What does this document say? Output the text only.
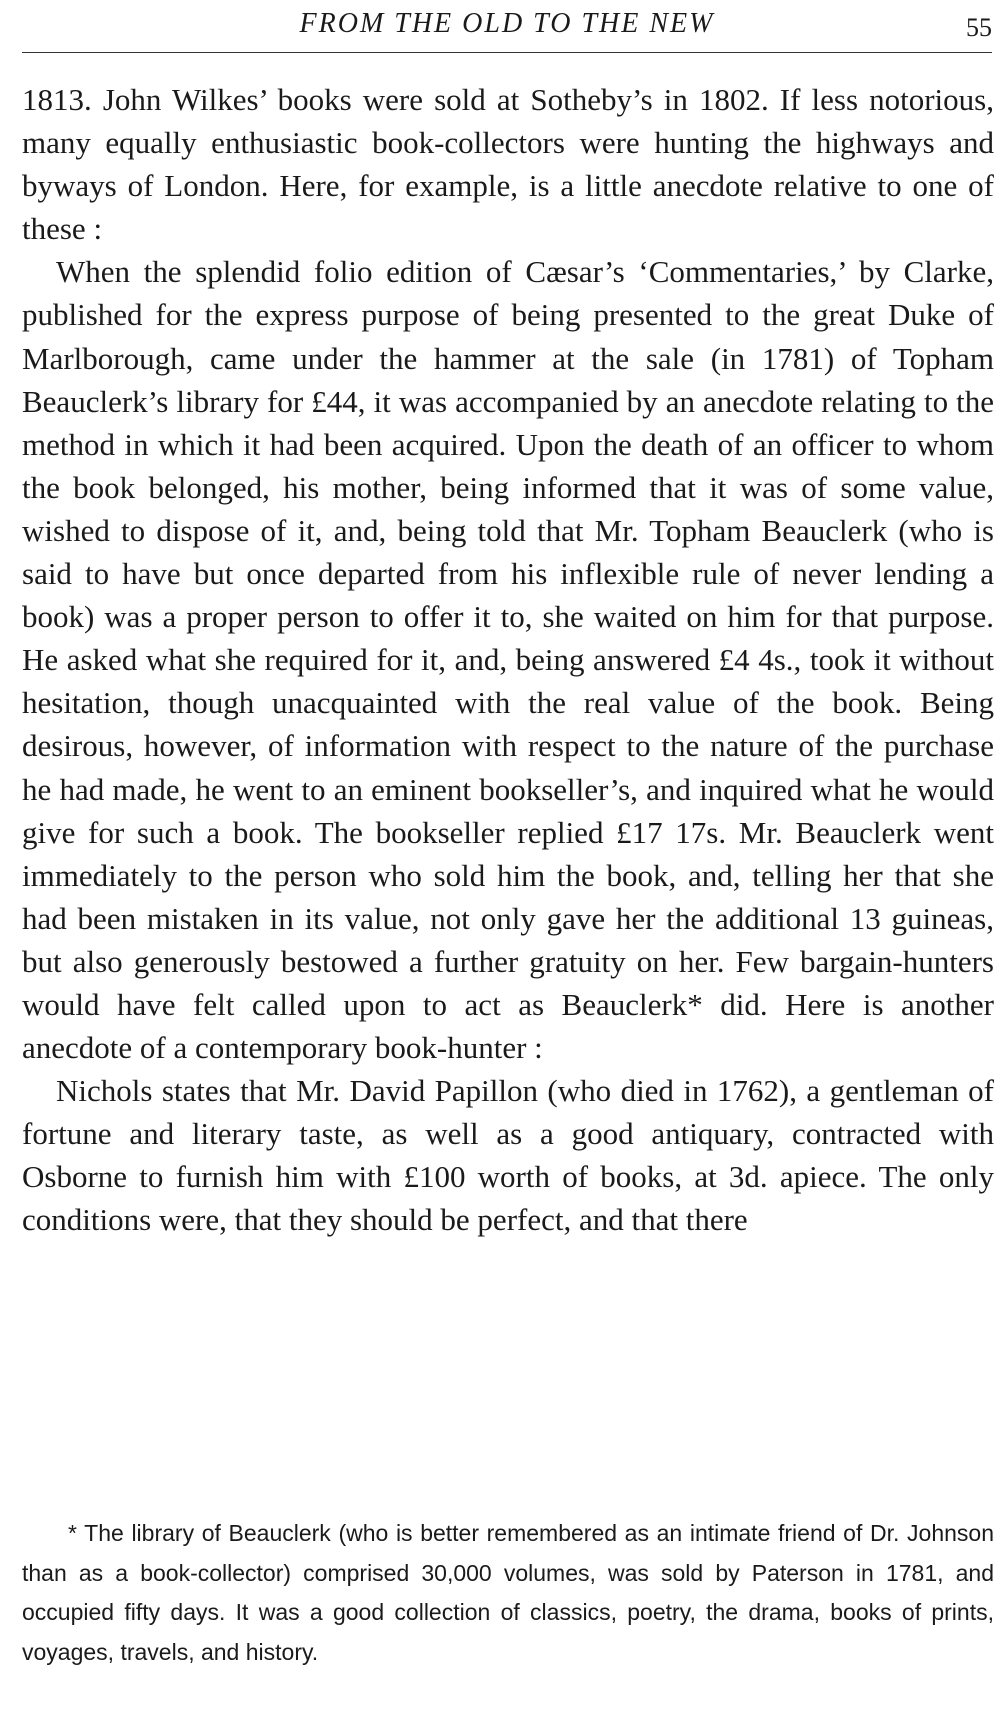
FROM THE OLD TO THE NEW	55

1813. John Wilkes’ books were sold at Sotheby’s in 1802. If less notorious, many equally enthusiastic book-collectors were hunting the highways and byways of London. Here, for example, is a little anecdote relative to one of these :

When the splendid folio edition of Cæsar’s ‘Commentaries,’ by Clarke, published for the express purpose of being presented to the great Duke of Marlborough, came under the hammer at the sale (in 1781) of Topham Beauclerk’s library for £44, it was accompanied by an anecdote relating to the method in which it had been acquired. Upon the death of an officer to whom the book belonged, his mother, being informed that it was of some value, wished to dispose of it, and, being told that Mr. Topham Beauclerk (who is said to have but once departed from his inflexible rule of never lending a book) was a proper person to offer it to, she waited on him for that purpose. He asked what she required for it, and, being answered £4 4s., took it without hesitation, though unacquainted with the real value of the book. Being desirous, however, of information with respect to the nature of the purchase he had made, he went to an eminent bookseller’s, and inquired what he would give for such a book. The bookseller replied £17 17s. Mr. Beauclerk went immediately to the person who sold him the book, and, telling her that she had been mistaken in its value, not only gave her the additional 13 guineas, but also generously bestowed a further gratuity on her. Few bargain-hunters would have felt called upon to act as Beauclerk* did. Here is another anecdote of a contemporary book-hunter :

Nichols states that Mr. David Papillon (who died in 1762), a gentleman of fortune and literary taste, as well as a good antiquary, contracted with Osborne to furnish him with £100 worth of books, at 3d. apiece. The only conditions were, that they should be perfect, and that there

* The library of Beauclerk (who is better remembered as an intimate friend of Dr. Johnson than as a book-collector) comprised 30,000 volumes, was sold by Paterson in 1781, and occupied fifty days. It was a good collection of classics, poetry, the drama, books of prints, voyages, travels, and history.
